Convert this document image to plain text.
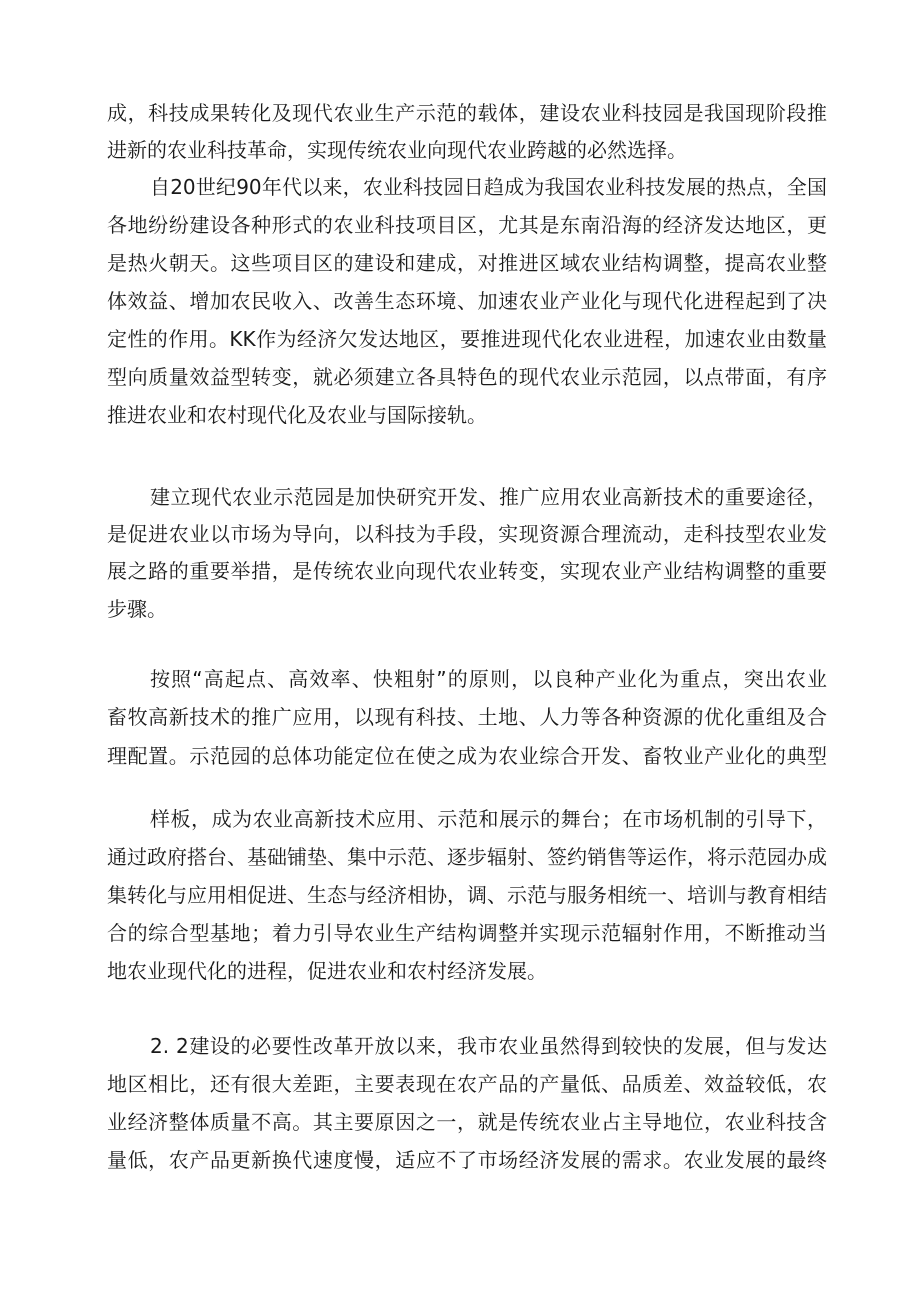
成，科技成果转化及现代农业生产示范的载体，建设农业科技园是我国现阶段推
进新的农业科技革命，实现传统农业向现代农业跨越的必然选择。
自20世纪90年代以来，农业科技园日趋成为我国农业科技发展的热点，全国
各地纷纷建设各种形式的农业科技项目区，尤其是东南沿海的经济发达地区，更
是热火朝天。这些项目区的建设和建成，对推进区域农业结构调整，提高农业整
体效益、增加农民收入、改善生态环境、加速农业产业化与现代化进程起到了决
定性的作用。KK作为经济欠发达地区，要推进现代化农业进程，加速农业由数量
型向质量效益型转变，就必须建立各具特色的现代农业示范园，以点带面，有序
推进农业和农村现代化及农业与国际接轨。
建立现代农业示范园是加快研究开发、推广应用农业高新技术的重要途径，
是促进农业以市场为导向，以科技为手段，实现资源合理流动，走科技型农业发
展之路的重要举措，是传统农业向现代农业转变，实现农业产业结构调整的重要
步骤。
按照“高起点、高效率、快粗射”的原则，以良种产业化为重点，突出农业
畜牧高新技术的推广应用，以现有科技、土地、人力等各种资源的优化重组及合
理配置。示范园的总体功能定位在使之成为农业综合开发、畜牧业产业化的典型
样板，成为农业高新技术应用、示范和展示的舞台；在市场机制的引导下，
通过政府搭台、基础铺垫、集中示范、逐步辐射、签约销售等运作，将示范园办成
集转化与应用相促进、生态与经济相协，调、示范与服务相统一、培训与教育相结
合的综合型基地；着力引导农业生产结构调整并实现示范辐射作用，不断推动当
地农业现代化的进程，促进农业和农村经济发展。
2. 2建设的必要性改革开放以来，我市农业虽然得到较快的发展，但与发达
地区相比，还有很大差距，主要表现在农产品的产量低、品质差、效益较低，农
业经济整体质量不高。其主要原因之一，就是传统农业占主导地位，农业科技含
量低，农产品更新换代速度慢，适应不了市场经济发展的需求。农业发展的最终
